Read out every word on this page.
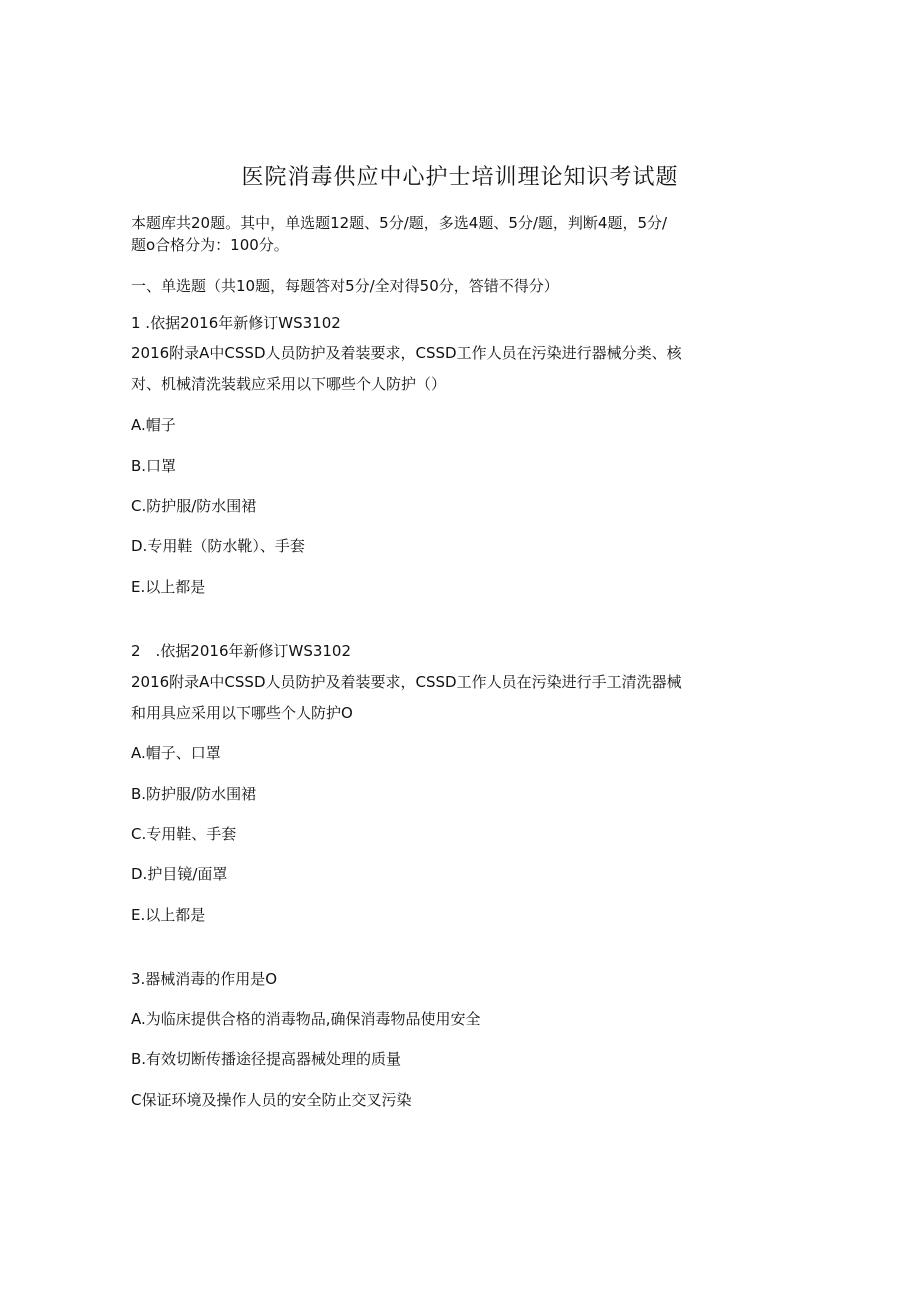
医院消毒供应中心护士培训理论知识考试题
本题库共20题。其中，单选题12题、5分/题，多选4题、5分/题，判断4题，5分/
题o合格分为：100分。
一、单选题（共10题，每题答对5分/全对得50分，答错不得分）
1 .依据2016年新修订WS3102
2016附录A中CSSD人员防护及着装要求，CSSD工作人员在污染进行器械分类、核
对、机械清洗装载应采用以下哪些个人防护（）
A.帽子
B.口罩
C.防护服/防水围裙
D.专用鞋（防水靴）、手套
E.以上都是
2　.依据2016年新修订WS3102
2016附录A中CSSD人员防护及着装要求，CSSD工作人员在污染进行手工清洗器械
和用具应采用以下哪些个人防护O
A.帽子、口罩
B.防护服/防水围裙
C.专用鞋、手套
D.护目镜/面罩
E.以上都是
3.器械消毒的作用是O
A.为临床提供合格的消毒物品,确保消毒物品使用安全
B.有效切断传播途径提高器械处理的质量
C保证环境及操作人员的安全防止交叉污染
